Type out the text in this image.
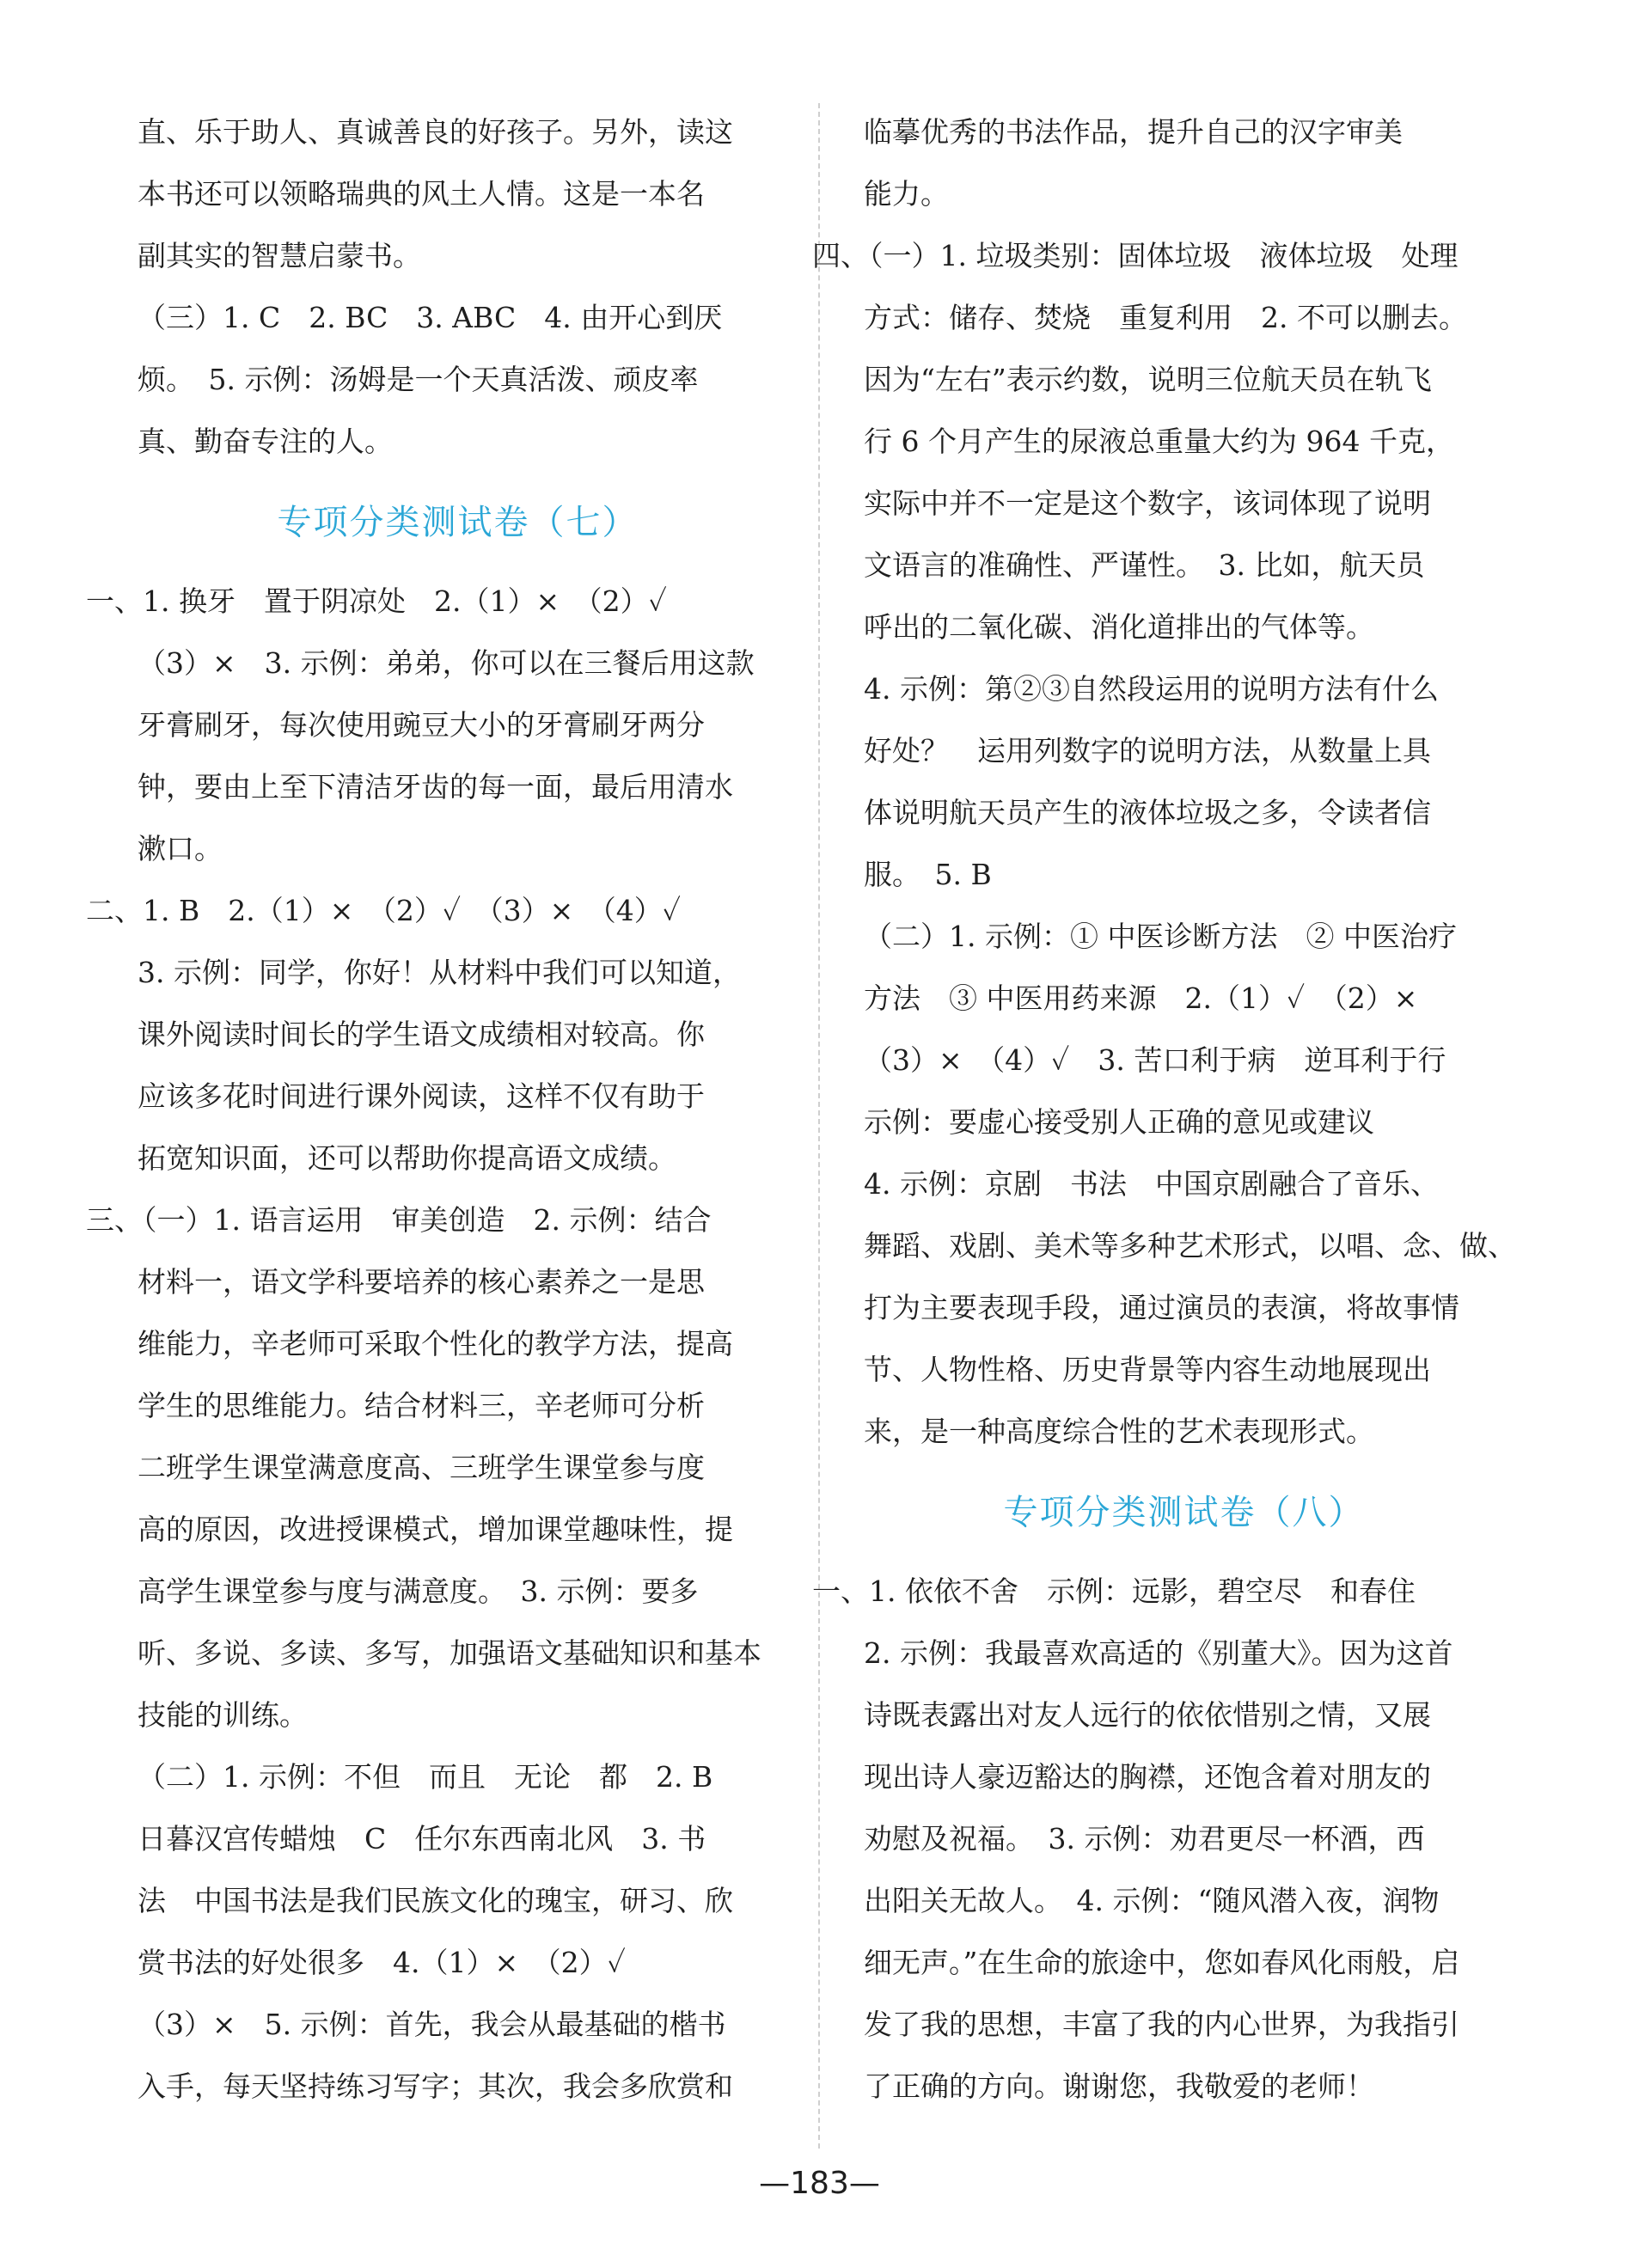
直、乐于助人、真诚善良的好孩子。另外，读这
本书还可以领略瑞典的风土人情。这是一本名
副其实的智慧启蒙书。
（三）1. C　2. BC　3. ABC　4. 由开心到厌
烦。　5. 示例：汤姆是一个天真活泼、顽皮率
真、勤奋专注的人。
专项分类测试卷（七）
一、1. 换牙　置于阴凉处　2.（1）×　（2）✓
（3）×　3. 示例：弟弟，你可以在三餐后用这款
牙膏刷牙，每次使用豌豆大小的牙膏刷牙两分
钟，要由上至下清洁牙齿的每一面，最后用清水
漱口。
二、1. B　2.（1）×　（2）✓　（3）×　（4）✓
3. 示例：同学，你好！从材料中我们可以知道，
课外阅读时间长的学生语文成绩相对较高。你
应该多花时间进行课外阅读，这样不仅有助于
拓宽知识面，还可以帮助你提高语文成绩。
三、（一）1. 语言运用　审美创造　2. 示例：结合
材料一，语文学科要培养的核心素养之一是思
维能力，辛老师可采取个性化的教学方法，提高
学生的思维能力。结合材料三，辛老师可分析
二班学生课堂满意度高、三班学生课堂参与度
高的原因，改进授课模式，增加课堂趣味性，提
高学生课堂参与度与满意度。　3. 示例：要多
听、多说、多读、多写，加强语文基础知识和基本
技能的训练。
（二）1. 示例：不但　而且　无论　都　2. B
日暮汉宫传蜡烛　C　任尔东西南北风　3. 书
法　中国书法是我们民族文化的瑰宝，研习、欣
赏书法的好处很多　4.（1）×　（2）✓
（3）×　5. 示例：首先，我会从最基础的楷书
入手，每天坚持练习写字；其次，我会多欣赏和
临摹优秀的书法作品，提升自己的汉字审美
能力。
四、（一）1. 垃圾类别：固体垃圾　液体垃圾　处理
方式：储存、焚烧　重复利用　2. 不可以删去。
因为“左右”表示约数，说明三位航天员在轨飞
行 6 个月产生的尿液总重量大约为 964 千克，
实际中并不一定是这个数字，该词体现了说明
文语言的准确性、严谨性。　3. 比如，航天员
呼出的二氧化碳、消化道排出的气体等。
4. 示例：第②③自然段运用的说明方法有什么
好处？　运用列数字的说明方法，从数量上具
体说明航天员产生的液体垃圾之多，令读者信
服。　5. B
（二）1. 示例：① 中医诊断方法　② 中医治疗
方法　③ 中医用药来源　2.（1）✓　（2）×
（3）×　（4）✓　3. 苦口利于病　逆耳利于行
示例：要虚心接受别人正确的意见或建议
4. 示例：京剧　书法　中国京剧融合了音乐、
舞蹈、戏剧、美术等多种艺术形式，以唱、念、做、
打为主要表现手段，通过演员的表演，将故事情
节、人物性格、历史背景等内容生动地展现出
来，是一种高度综合性的艺术表现形式。
专项分类测试卷（八）
一、1. 依依不舍　示例：远影，碧空尽　和春住
2. 示例：我最喜欢高适的《别董大》。因为这首
诗既表露出对友人远行的依依惜别之情，又展
现出诗人豪迈豁达的胸襟，还饱含着对朋友的
劝慰及祝福。　3. 示例：劝君更尽一杯酒，西
出阳关无故人。　4. 示例：“随风潜入夜，润物
细无声。”在生命的旅途中，您如春风化雨般，启
发了我的思想，丰富了我的内心世界，为我指引
了正确的方向。谢谢您，我敬爱的老师！
—183—
